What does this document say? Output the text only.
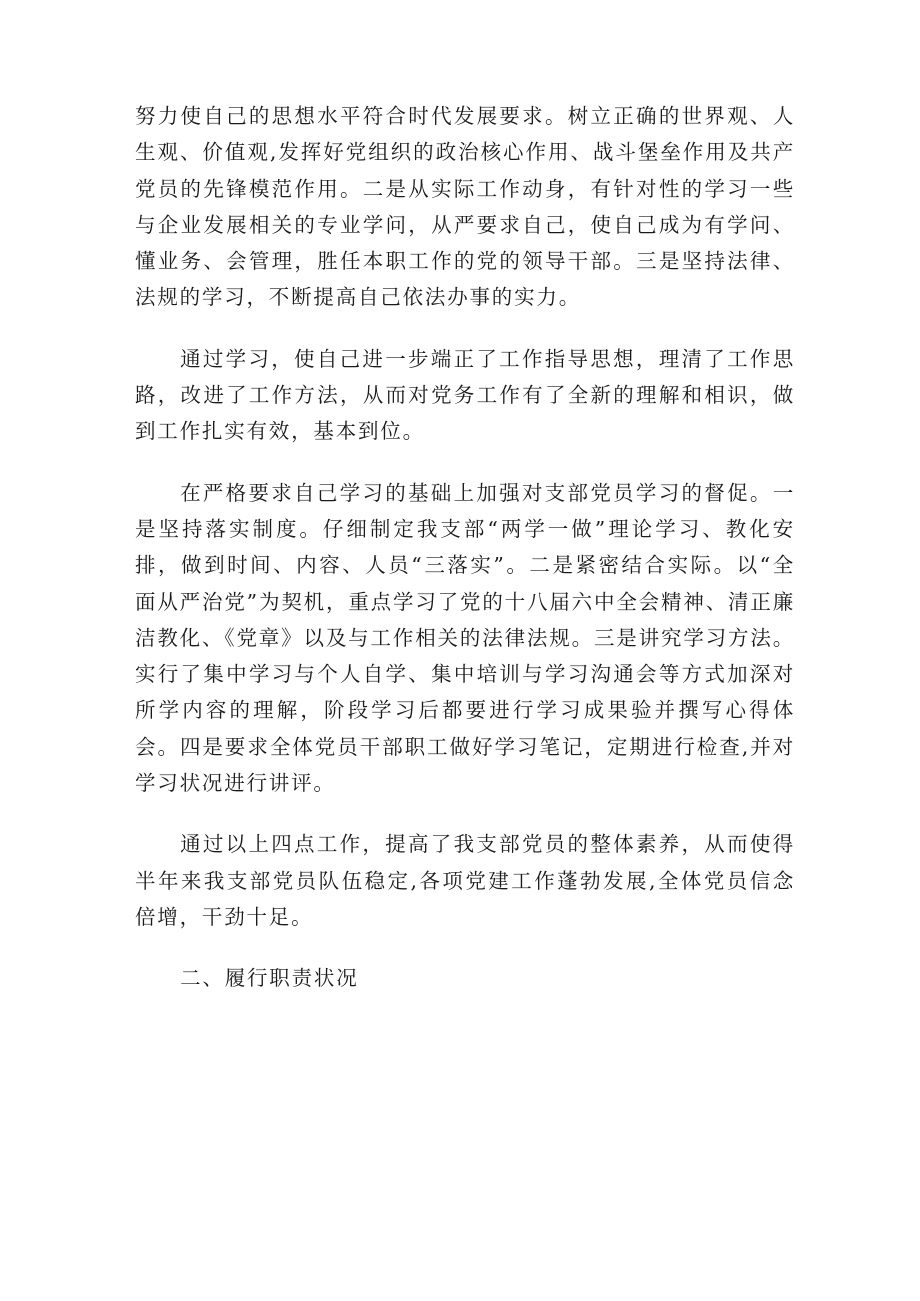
努力使自己的思想水平符合时代发展要求。树立正确的世界观、人生观、价值观,发挥好党组织的政治核心作用、战斗堡垒作用及共产党员的先锋模范作用。二是从实际工作动身，有针对性的学习一些与企业发展相关的专业学问，从严要求自己，使自己成为有学问、懂业务、会管理，胜任本职工作的党的领导干部。三是坚持法律、法规的学习，不断提高自己依法办事的实力。

通过学习，使自己进一步端正了工作指导思想，理清了工作思路，改进了工作方法，从而对党务工作有了全新的理解和相识，做到工作扎实有效，基本到位。

在严格要求自己学习的基础上加强对支部党员学习的督促。一是坚持落实制度。仔细制定我支部“两学一做”理论学习、教化安排，做到时间、内容、人员“三落实”。二是紧密结合实际。以“全面从严治党”为契机，重点学习了党的十八届六中全会精神、清正廉洁教化、《党章》以及与工作相关的法律法规。三是讲究学习方法。实行了集中学习与个人自学、集中培训与学习沟通会等方式加深对所学内容的理解，阶段学习后都要进行学习成果验并撰写心得体会。四是要求全体党员干部职工做好学习笔记，定期进行检查,并对学习状况进行讲评。

通过以上四点工作，提高了我支部党员的整体素养，从而使得半年来我支部党员队伍稳定,各项党建工作蓬勃发展,全体党员信念倍增，干劲十足。

二、履行职责状况
